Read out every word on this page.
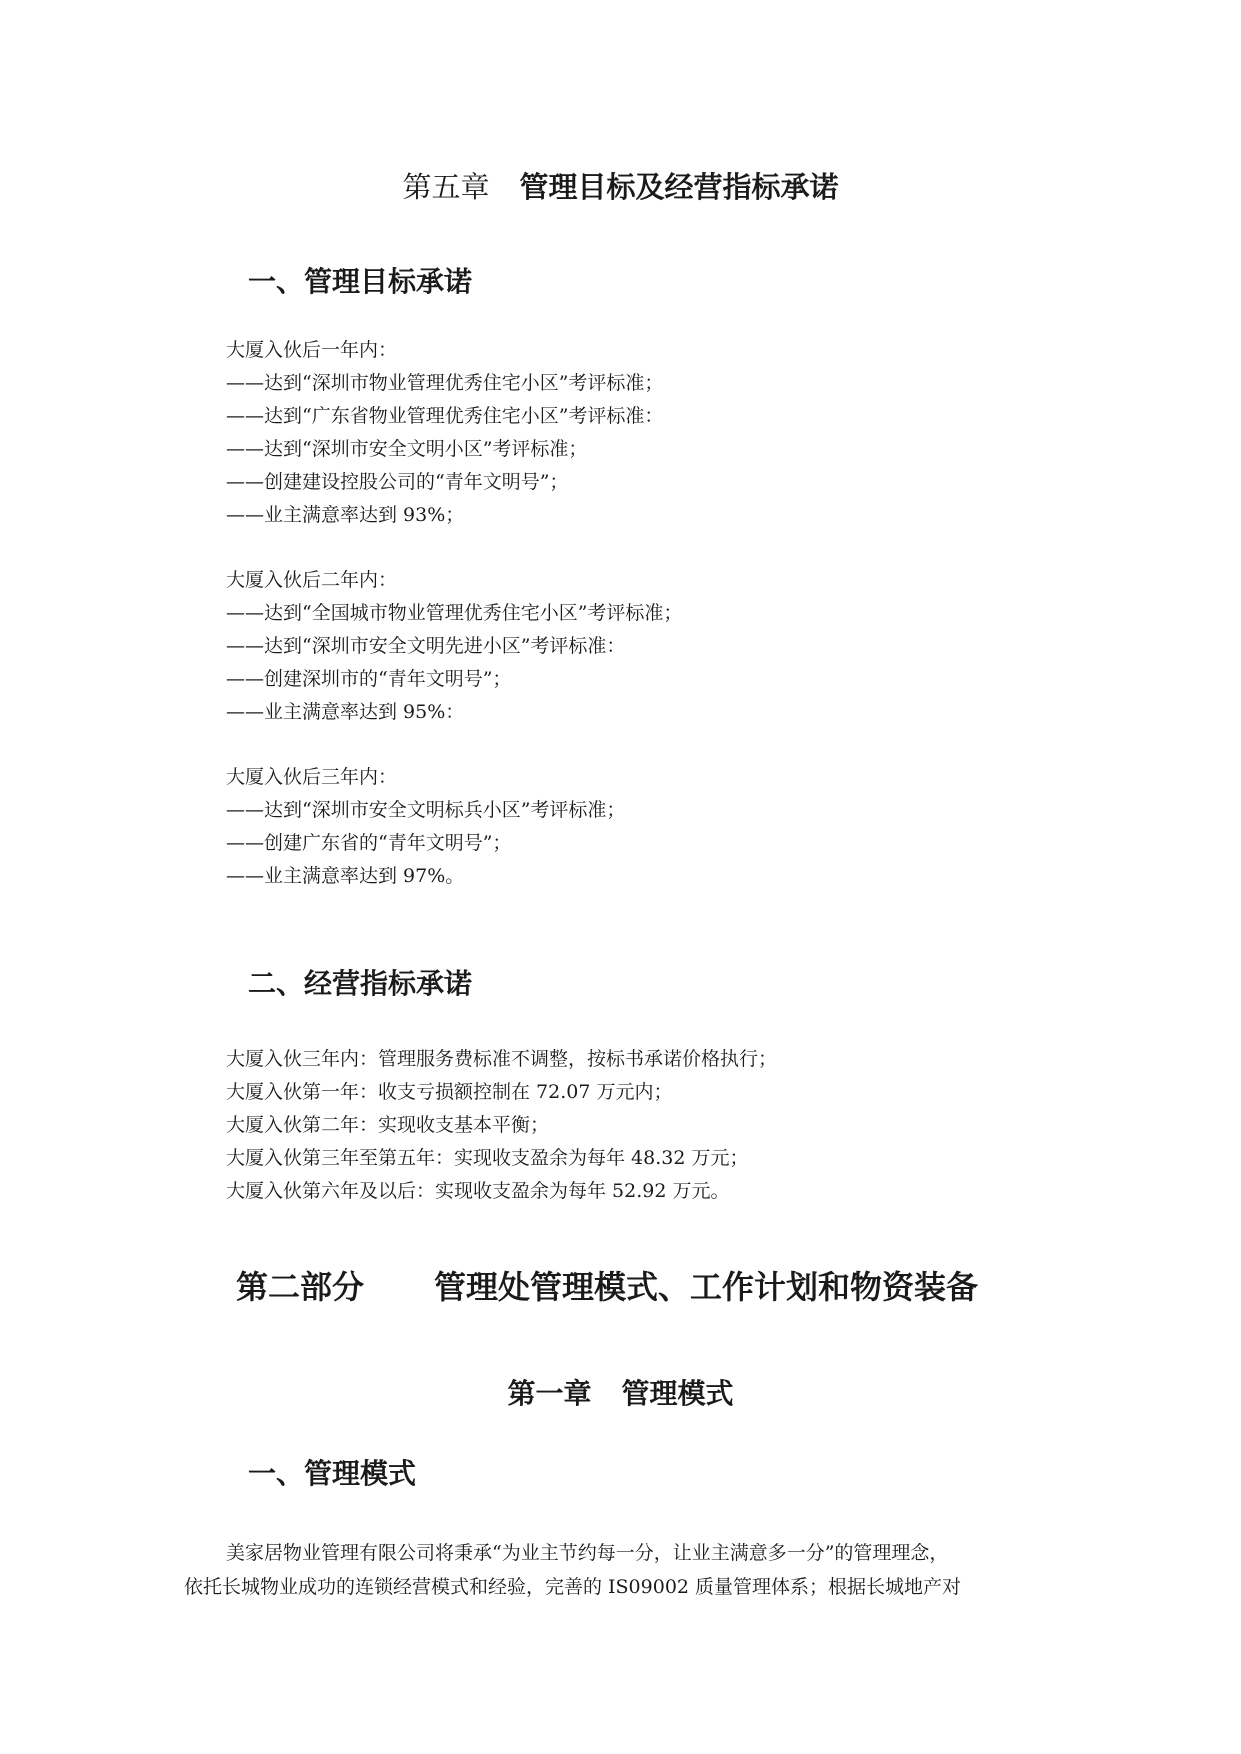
第五章 管理目标及经营指标承诺
一、管理目标承诺
大厦入伙后一年内：
——达到“深圳市物业管理优秀住宅小区”考评标准；
——达到“广东省物业管理优秀住宅小区”考评标准：
——达到“深圳市安全文明小区”考评标准；
——创建建设控股公司的“青年文明号”；
——业主满意率达到 93%；
大厦入伙后二年内：
——达到“全国城市物业管理优秀住宅小区”考评标准；
——达到“深圳市安全文明先进小区”考评标准：
——创建深圳市的“青年文明号”；
——业主满意率达到 95%：
大厦入伙后三年内：
——达到“深圳市安全文明标兵小区”考评标准；
——创建广东省的“青年文明号”；
——业主满意率达到 97%。
二、经营指标承诺
大厦入伙三年内：管理服务费标准不调整，按标书承诺价格执行；
大厦入伙第一年：收支亏损额控制在 72.07 万元内；
大厦入伙第二年：实现收支基本平衡；
大厦入伙第三年至第五年：实现收支盈余为每年 48.32 万元；
大厦入伙第六年及以后：实现收支盈余为每年 52.92 万元。
第二部分 管理处管理模式、工作计划和物资装备
第一章 管理模式
一、管理模式
美家居物业管理有限公司将秉承“为业主节约每一分，让业主满意多一分”的管理理念，
依托长城物业成功的连锁经营模式和经验，完善的 IS09002 质量管理体系；根据长城地产对
